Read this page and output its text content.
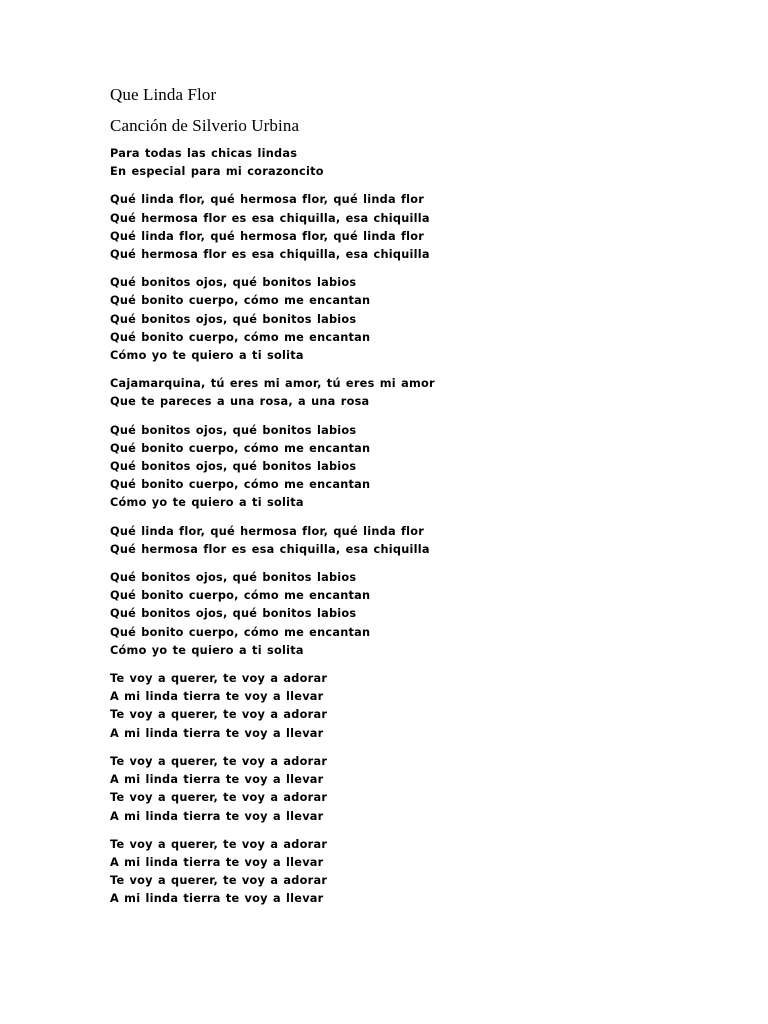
Que Linda Flor
Canción de Silverio Urbina
Para todas las chicas lindas
En especial para mi corazoncito
Qué linda flor, qué hermosa flor, qué linda flor
Qué hermosa flor es esa chiquilla, esa chiquilla
Qué linda flor, qué hermosa flor, qué linda flor
Qué hermosa flor es esa chiquilla, esa chiquilla
Qué bonitos ojos, qué bonitos labios
Qué bonito cuerpo, cómo me encantan
Qué bonitos ojos, qué bonitos labios
Qué bonito cuerpo, cómo me encantan
Cómo yo te quiero a ti solita
Cajamarquina, tú eres mi amor, tú eres mi amor
Que te pareces a una rosa, a una rosa
Qué bonitos ojos, qué bonitos labios
Qué bonito cuerpo, cómo me encantan
Qué bonitos ojos, qué bonitos labios
Qué bonito cuerpo, cómo me encantan
Cómo yo te quiero a ti solita
Qué linda flor, qué hermosa flor, qué linda flor
Qué hermosa flor es esa chiquilla, esa chiquilla
Qué bonitos ojos, qué bonitos labios
Qué bonito cuerpo, cómo me encantan
Qué bonitos ojos, qué bonitos labios
Qué bonito cuerpo, cómo me encantan
Cómo yo te quiero a ti solita
Te voy a querer, te voy a adorar
A mi linda tierra te voy a llevar
Te voy a querer, te voy a adorar
A mi linda tierra te voy a llevar
Te voy a querer, te voy a adorar
A mi linda tierra te voy a llevar
Te voy a querer, te voy a adorar
A mi linda tierra te voy a llevar
Te voy a querer, te voy a adorar
A mi linda tierra te voy a llevar
Te voy a querer, te voy a adorar
A mi linda tierra te voy a llevar
